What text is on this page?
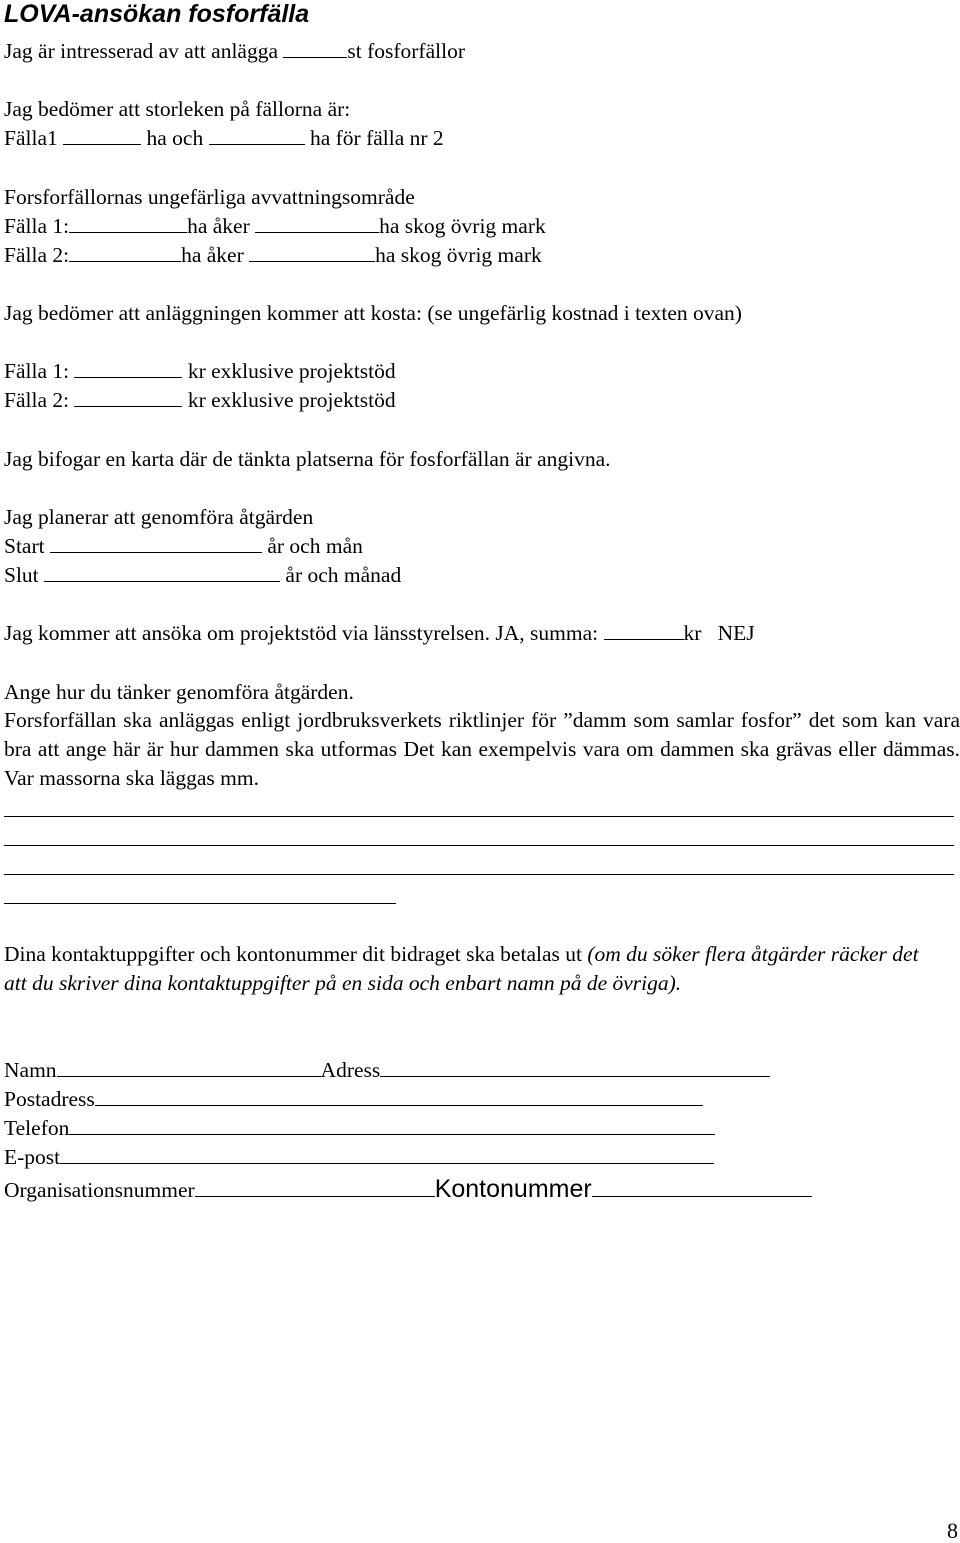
LOVA-ansökan fosforfälla
Jag är intresserad av att anlägga	st fosforfällor
Jag bedömer att storleken på fällorna är:
Fälla1	ha och	ha för fälla nr 2
Forsforfällornas ungefärliga avvattningsområde
Fälla 1:	ha åker	ha skog övrig mark
Fälla 2:	ha åker	ha skog övrig mark
Jag bedömer att anläggningen kommer att kosta: (se ungefärlig kostnad i texten ovan)
Fälla 1:	kr exklusive projektstöd
Fälla 2:	kr exklusive projektstöd
Jag bifogar en karta där de tänkta platserna för fosforfällan är angivna.
Jag planerar att genomföra åtgärden
Start	år och mån
Slut	år och månad
Jag kommer att ansöka om projektstöd via länsstyrelsen. JA, summa:	kr NEJ
Ange hur du tänker genomföra åtgärden.
Forsforfällan ska anläggas enligt jordbruksverkets riktlinjer för ”damm som samlar fosfor” det som kan vara bra att ange här är hur dammen ska utformas Det kan exempelvis vara om dammen ska grävas eller dämmas. Var massorna ska läggas mm.
Dina kontaktuppgifter och kontonummer dit bidraget ska betalas ut (om du söker flera åtgärder räcker det att du skriver dina kontaktuppgifter på en sida och enbart namn på de övriga).
Namn	Adress
Postadress
Telefon
E-post
Organisationsnummer	Kontonummer
8
